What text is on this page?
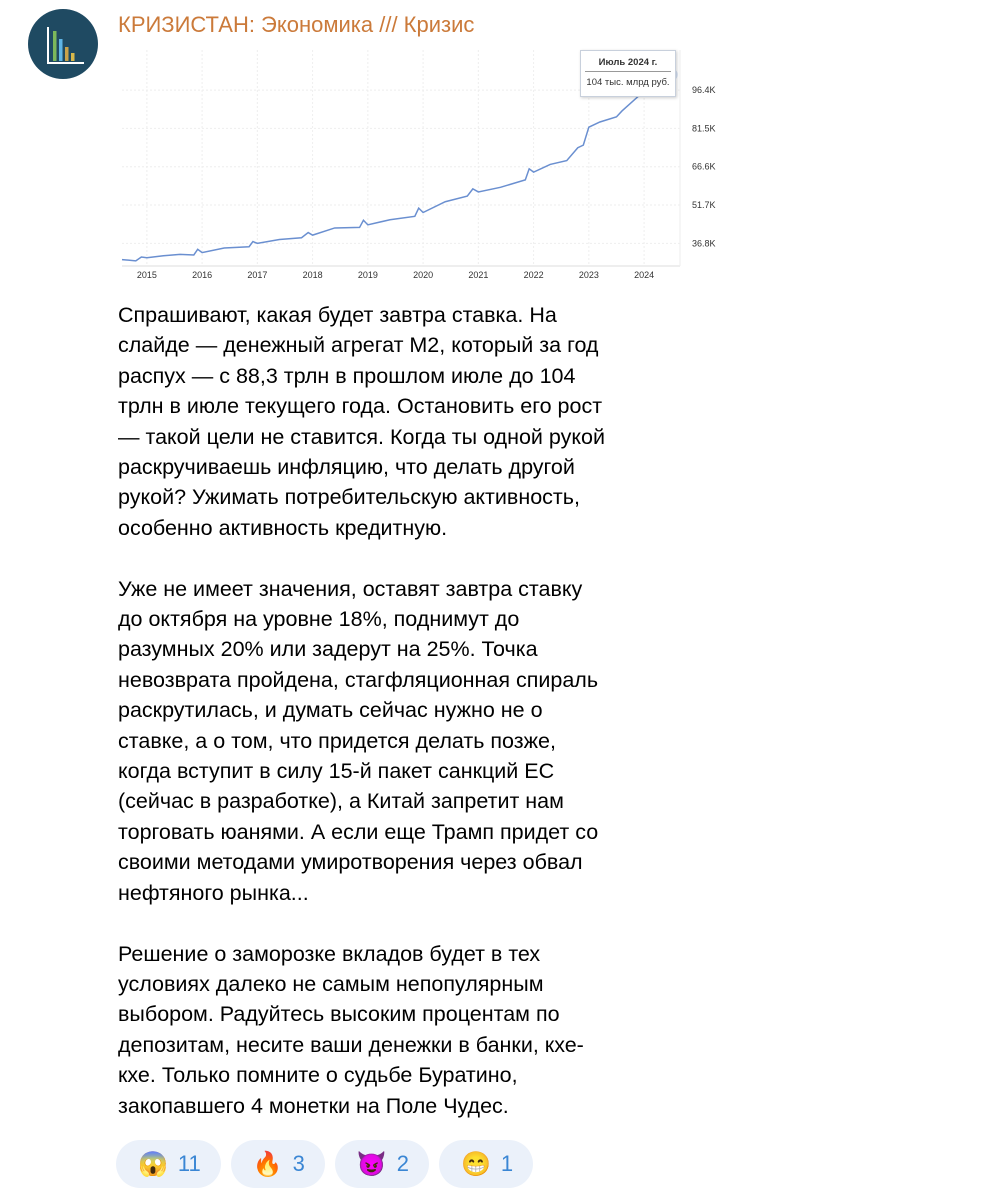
КРИЗИСТАН: Экономика /// Кризис
36.8K
51.7K
66.6K
81.5K
96.4K
2015	2016	2017	2018	2019	2020	2021	2022	2023	2024
Июль 2024 г.
104 тыс. млрд руб.

Спрашивают, какая будет завтра ставка. На
слайде — денежный агрегат М2, который за год
распух — с 88,3 трлн в прошлом июле до 104
трлн в июле текущего года. Остановить его рост
— такой цели не ставится. Когда ты одной рукой
раскручиваешь инфляцию, что делать другой
рукой? Ужимать потребительскую активность,
особенно активность кредитную.

Уже не имеет значения, оставят завтра ставку
до октября на уровне 18%, поднимут до
разумных 20% или задерут на 25%. Точка
невозврата пройдена, стагфляционная спираль
раскрутилась, и думать сейчас нужно не о
ставке, а о том, что придется делать позже,
когда вступит в силу 15-й пакет санкций ЕС
(сейчас в разработке), а Китай запретит нам
торговать юанями. А если еще Трамп придет со
своими методами умиротворения через обвал
нефтяного рынка...

Решение о заморозке вкладов будет в тех
условиях далеко не самым непопулярным
выбором. Радуйтесь высоким процентам по
депозитам, несите ваши денежки в банки, кхе-
кхе. Только помните о судьбе Буратино,
закопавшего 4 монетки на Поле Чудес.

😱 11 🔥 3 😈 2 😁 1
